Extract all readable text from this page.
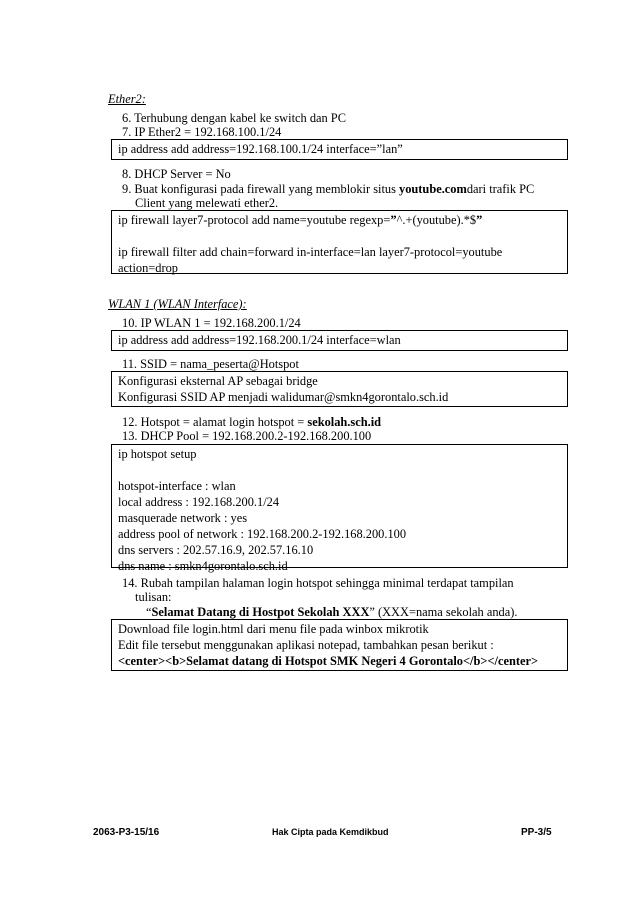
Ether2:
6. Terhubung dengan kabel ke switch dan PC
7. IP Ether2 = 192.168.100.1/24
ip address add address=192.168.100.1/24 interface=”lan”
8. DHCP Server = No
9. Buat konfigurasi pada firewall yang memblokir situs youtube.comdari trafik PC
Client yang melewati ether2.
ip firewall layer7-protocol add name=youtube regexp=”^.+(youtube).*$”
ip firewall filter add chain=forward in-interface=lan layer7-protocol=youtube
action=drop
WLAN 1 (WLAN Interface):
10. IP WLAN 1 = 192.168.200.1/24
ip address add address=192.168.200.1/24 interface=wlan
11. SSID = nama_peserta@Hotspot
Konfigurasi eksternal AP sebagai bridge
Konfigurasi SSID AP menjadi walidumar@smkn4gorontalo.sch.id
12. Hotspot = alamat login hotspot = sekolah.sch.id
13. DHCP Pool = 192.168.200.2-192.168.200.100
ip hotspot setup
hotspot-interface : wlan
local address : 192.168.200.1/24
masquerade network : yes
address pool of network : 192.168.200.2-192.168.200.100
dns servers : 202.57.16.9, 202.57.16.10
dns name : smkn4gorontalo.sch.id
14. Rubah tampilan halaman login hotspot sehingga minimal terdapat tampilan
tulisan:
“Selamat Datang di Hostpot Sekolah XXX” (XXX=nama sekolah anda).
Download file login.html dari menu file pada winbox mikrotik
Edit file tersebut menggunakan aplikasi notepad, tambahkan pesan berikut :
<center><b>Selamat datang di Hotspot SMK Negeri 4 Gorontalo</b></center>
2063-P3-15/16	Hak Cipta pada Kemdikbud	PP-3/5
